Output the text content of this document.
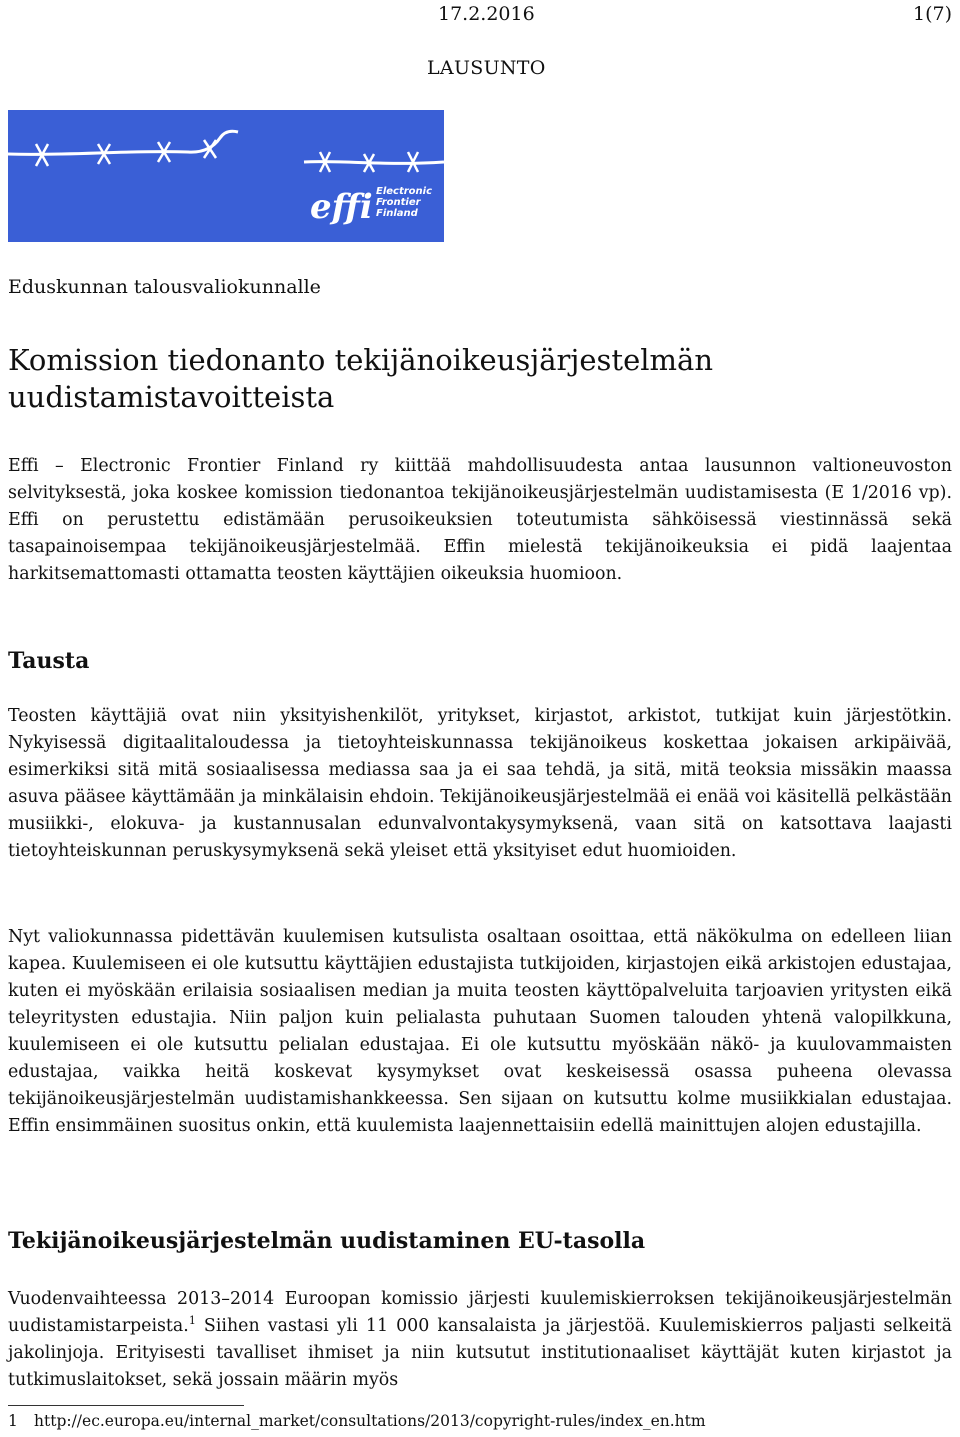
17.2.2016	1(7)
LAUSUNTO
effi Electronic
Frontier
Finland
Eduskunnan talousvaliokunnalle
Komission tiedonanto tekijänoikeusjärjestelmän uudistamistavoitteista

Effi – Electronic Frontier Finland ry kiittää mahdollisuudesta antaa lausunnon valtioneuvoston selvityksestä, joka koskee komission tiedonantoa tekijänoikeusjärjestelmän uudistamisesta (E 1/2016 vp). Effi on perustettu edistämään perusoikeuksien toteutumista sähköisessä viestinnässä sekä tasapainoisempaa tekijänoikeusjärjestelmää. Effin mielestä tekijänoikeuksia ei pidä laajentaa harkitsemattomasti ottamatta teosten käyttäjien oikeuksia huomioon.

Tausta

Teosten käyttäjiä ovat niin yksityishenkilöt, yritykset, kirjastot, arkistot, tutkijat kuin järjestötkin. Nykyisessä digitaalitaloudessa ja tietoyhteiskunnassa tekijänoikeus koskettaa jokaisen arkipäivää, esimerkiksi sitä mitä sosiaalisessa mediassa saa ja ei saa tehdä, ja sitä, mitä teoksia missäkin maassa asuva pääsee käyttämään ja minkälaisin ehdoin. Tekijänoikeusjärjestelmää ei enää voi käsitellä pelkästään musiikki-, elokuva- ja kustannusalan edunvalvontakysymyksenä, vaan sitä on katsottava laajasti tietoyhteiskunnan peruskysymyksenä sekä yleiset että yksityiset edut huomioiden.

Nyt valiokunnassa pidettävän kuulemisen kutsulista osaltaan osoittaa, että näkökulma on edelleen liian kapea. Kuulemiseen ei ole kutsuttu käyttäjien edustajista tutkijoiden, kirjastojen eikä arkistojen edustajaa, kuten ei myöskään erilaisia sosiaalisen median ja muita teosten käyttöpalveluita tarjoavien yritysten eikä teleyritysten edustajia. Niin paljon kuin pelialasta puhutaan Suomen talouden yhtenä valopilkkuna, kuulemiseen ei ole kutsuttu pelialan edustajaa. Ei ole kutsuttu myöskään näkö- ja kuulovammaisten edustajaa, vaikka heitä koskevat kysymykset ovat keskeisessä osassa puheena olevassa tekijänoikeusjärjestelmän uudistamishankkeessa. Sen sijaan on kutsuttu kolme musiikkialan edustajaa. Effin ensimmäinen suositus onkin, että kuulemista laajennettaisiin edellä mainittujen alojen edustajilla.

Tekijänoikeusjärjestelmän uudistaminen EU-tasolla

Vuodenvaihteessa 2013–2014 Euroopan komissio järjesti kuulemiskierroksen tekijänoikeusjärjestelmän uudistamistarpeista.$^1$ Siihen vastasi yli 11 000 kansalaista ja järjestöä. Kuulemiskierros paljasti selkeitä jakolinjoja. Erityisesti tavalliset ihmiset ja niin kutsutut institutionaaliset käyttäjät kuten kirjastot ja tutkimuslaitokset, sekä jossain määrin myös

1 http://ec.europa.eu/internal_market/consultations/2013/copyright-rules/index_en.htm
